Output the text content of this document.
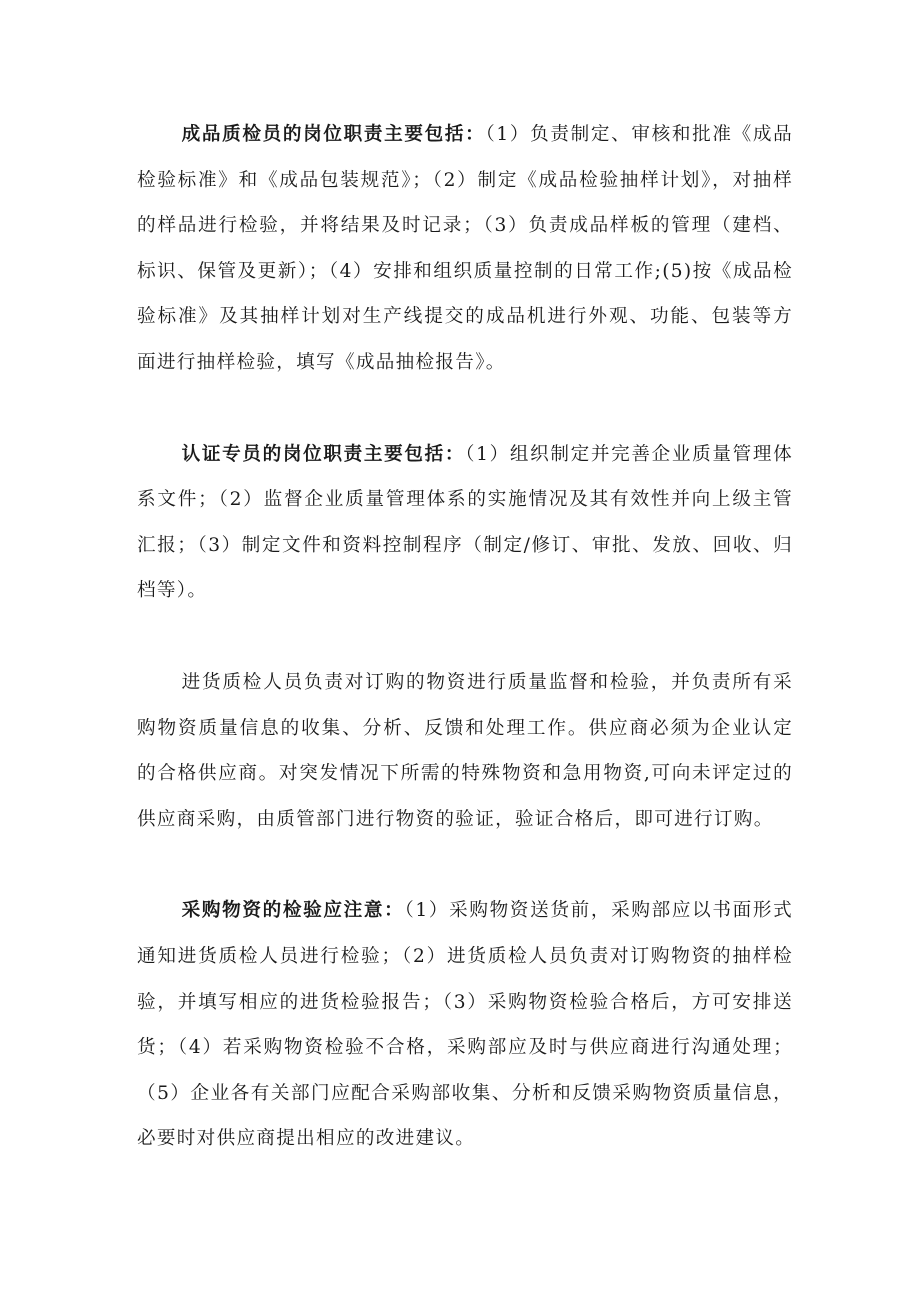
成品质检员的岗位职责主要包括：（1）负责制定、审核和批准《成品检验标准》和《成品包装规范》；（2）制定《成品检验抽样计划》，对抽样的样品进行检验，并将结果及时记录；（3）负责成品样板的管理（建档、标识、保管及更新）；（4）安排和组织质量控制的日常工作;(5)按《成品检验标准》及其抽样计划对生产线提交的成品机进行外观、功能、包装等方面进行抽样检验，填写《成品抽检报告》。

认证专员的岗位职责主要包括：（1）组织制定并完善企业质量管理体系文件；（2）监督企业质量管理体系的实施情况及其有效性并向上级主管汇报；（3）制定文件和资料控制程序（制定/修订、审批、发放、回收、归档等）。

进货质检人员负责对订购的物资进行质量监督和检验，并负责所有采购物资质量信息的收集、分析、反馈和处理工作。供应商必须为企业认定的合格供应商。对突发情况下所需的特殊物资和急用物资,可向未评定过的供应商采购，由质管部门进行物资的验证，验证合格后，即可进行订购。

采购物资的检验应注意：（1）采购物资送货前，采购部应以书面形式通知进货质检人员进行检验；（2）进货质检人员负责对订购物资的抽样检验，并填写相应的进货检验报告；（3）采购物资检验合格后，方可安排送货；（4）若采购物资检验不合格，采购部应及时与供应商进行沟通处理；（5）企业各有关部门应配合采购部收集、分析和反馈采购物资质量信息，必要时对供应商提出相应的改进建议。
